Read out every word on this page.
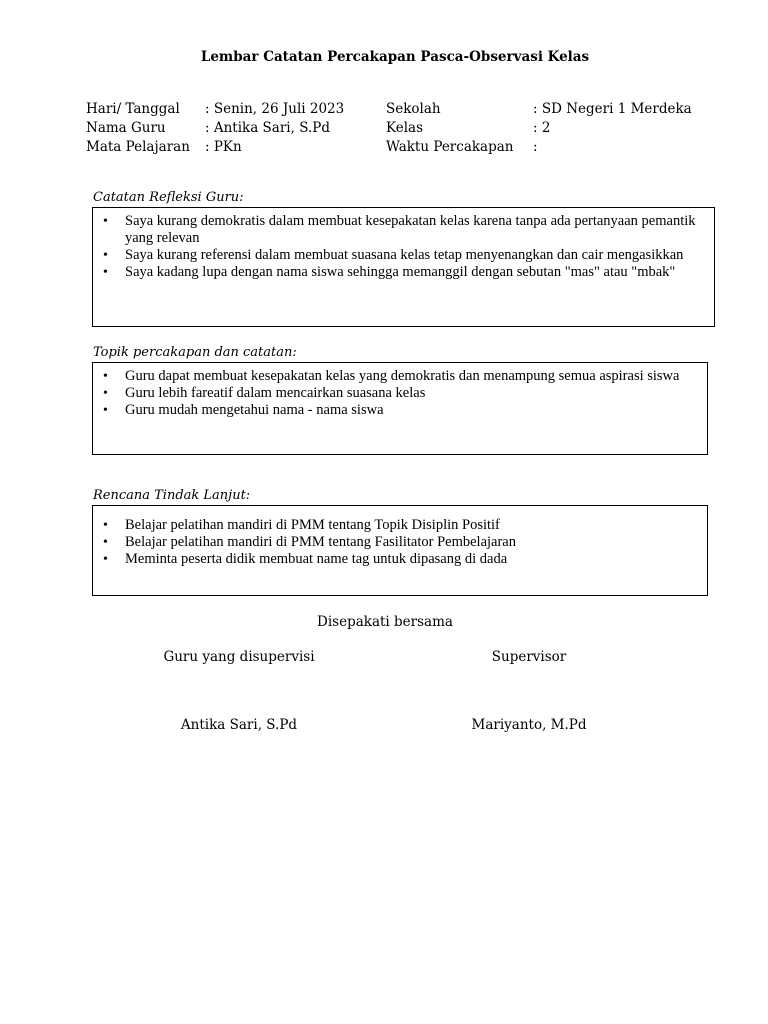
Lembar Catatan Percakapan Pasca-Observasi Kelas
Hari/ Tanggal
Nama Guru
Mata Pelajaran
: Senin, 26 Juli 2023
: Antika Sari, S.Pd
: PKn
Sekolah
Kelas
Waktu Percakapan
: SD Negeri 1 Merdeka
: 2
:
Catatan Refleksi Guru:
• Saya kurang demokratis dalam membuat kesepakatan kelas karena tanpa ada pertanyaan pemantik yang relevan
• Saya kurang referensi dalam membuat suasana kelas tetap menyenangkan dan cair mengasikkan
• Saya kadang lupa dengan nama siswa sehingga memanggil dengan sebutan "mas" atau "mbak"
Topik percakapan dan catatan:
• Guru dapat membuat kesepakatan kelas yang demokratis dan menampung semua aspirasi siswa
• Guru lebih fareatif dalam mencairkan suasana kelas
• Guru mudah mengetahui nama - nama siswa
Rencana Tindak Lanjut:
• Belajar pelatihan mandiri di PMM tentang Topik Disiplin Positif
• Belajar pelatihan mandiri di PMM tentang Fasilitator Pembelajaran
• Meminta peserta didik membuat name tag untuk dipasang di dada
Disepakati bersama
Guru yang disupervisi	Supervisor
Antika Sari, S.Pd	Mariyanto, M.Pd
